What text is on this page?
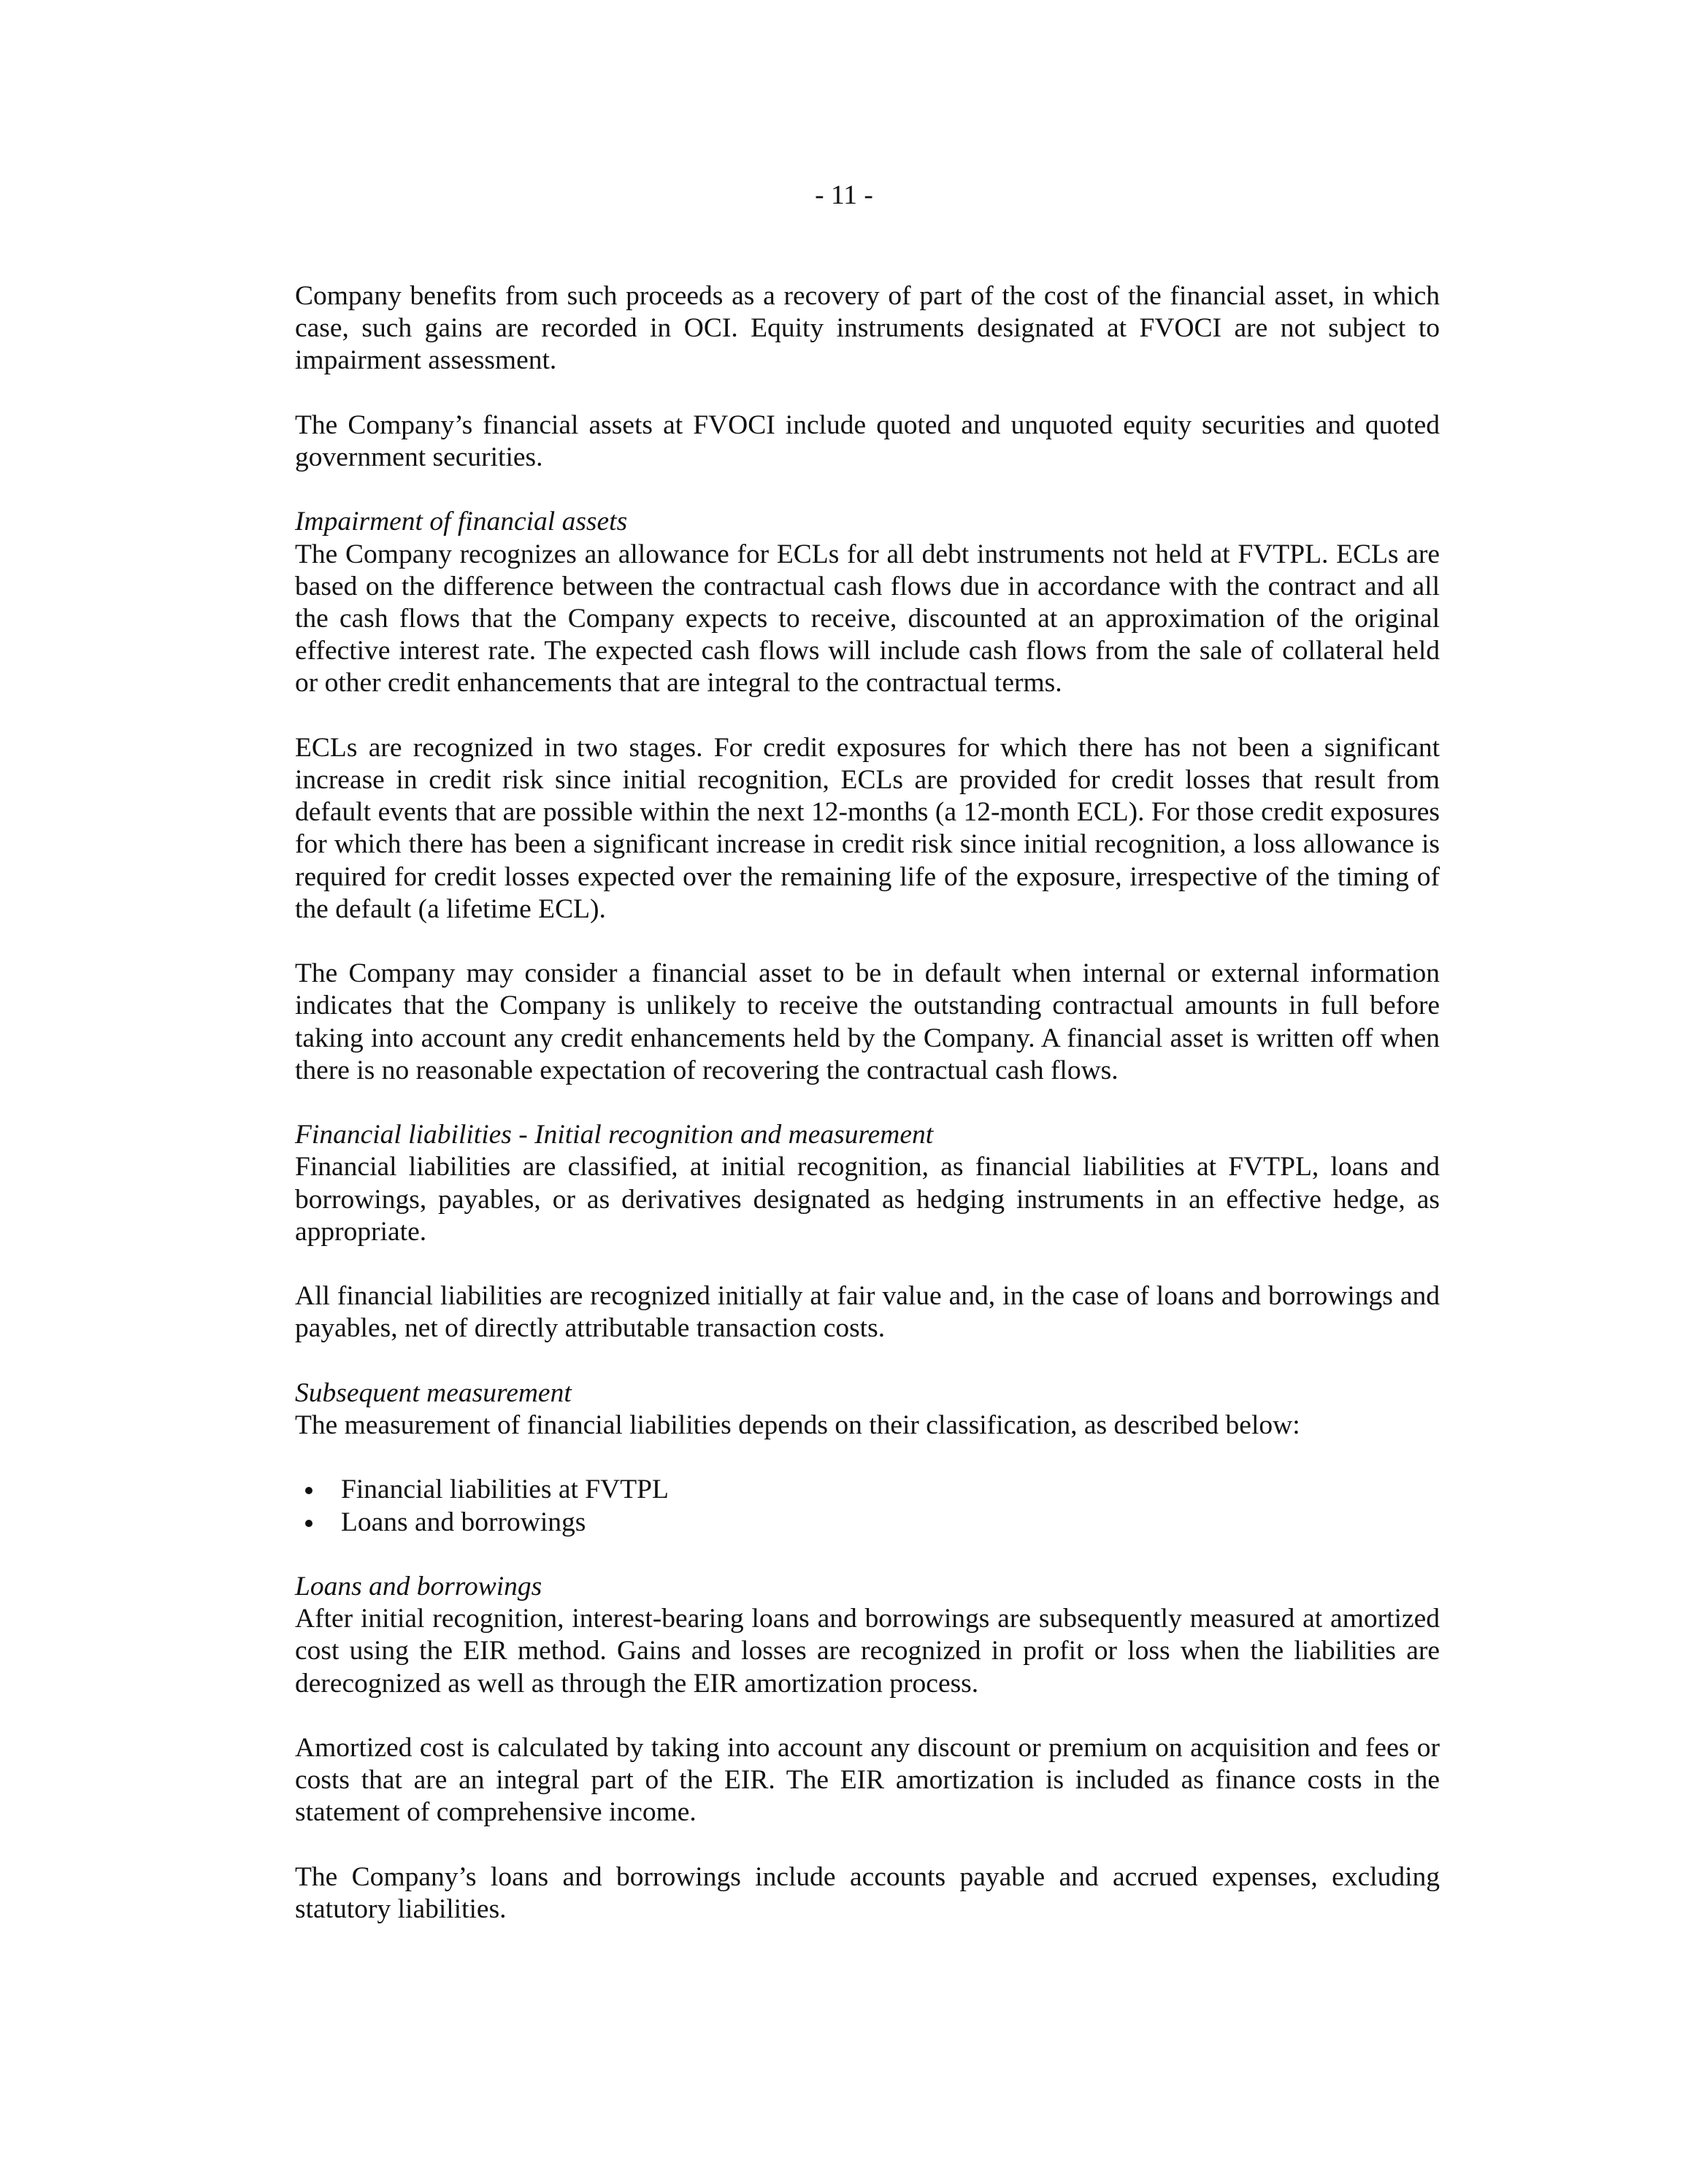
- 11 -

Company benefits from such proceeds as a recovery of part of the cost of the financial asset, in which case, such gains are recorded in OCI. Equity instruments designated at FVOCI are not subject to impairment assessment.

The Company’s financial assets at FVOCI include quoted and unquoted equity securities and quoted government securities.

Impairment of financial assets

The Company recognizes an allowance for ECLs for all debt instruments not held at FVTPL. ECLs are based on the difference between the contractual cash flows due in accordance with the contract and all the cash flows that the Company expects to receive, discounted at an approximation of the original effective interest rate. The expected cash flows will include cash flows from the sale of collateral held or other credit enhancements that are integral to the contractual terms.

ECLs are recognized in two stages. For credit exposures for which there has not been a significant increase in credit risk since initial recognition, ECLs are provided for credit losses that result from default events that are possible within the next 12-months (a 12-month ECL). For those credit exposures for which there has been a significant increase in credit risk since initial recognition, a loss allowance is required for credit losses expected over the remaining life of the exposure, irrespective of the timing of the default (a lifetime ECL).

The Company may consider a financial asset to be in default when internal or external information indicates that the Company is unlikely to receive the outstanding contractual amounts in full before taking into account any credit enhancements held by the Company. A financial asset is written off when there is no reasonable expectation of recovering the contractual cash flows.

Financial liabilities - Initial recognition and measurement

Financial liabilities are classified, at initial recognition, as financial liabilities at FVTPL, loans and borrowings, payables, or as derivatives designated as hedging instruments in an effective hedge, as appropriate.

All financial liabilities are recognized initially at fair value and, in the case of loans and borrowings and payables, net of directly attributable transaction costs.

Subsequent measurement

The measurement of financial liabilities depends on their classification, as described below:

Financial liabilities at FVTPL
Loans and borrowings

Loans and borrowings

After initial recognition, interest-bearing loans and borrowings are subsequently measured at amortized cost using the EIR method. Gains and losses are recognized in profit or loss when the liabilities are derecognized as well as through the EIR amortization process.

Amortized cost is calculated by taking into account any discount or premium on acquisition and fees or costs that are an integral part of the EIR. The EIR amortization is included as finance costs in the statement of comprehensive income.

The Company’s loans and borrowings include accounts payable and accrued expenses, excluding statutory liabilities.
